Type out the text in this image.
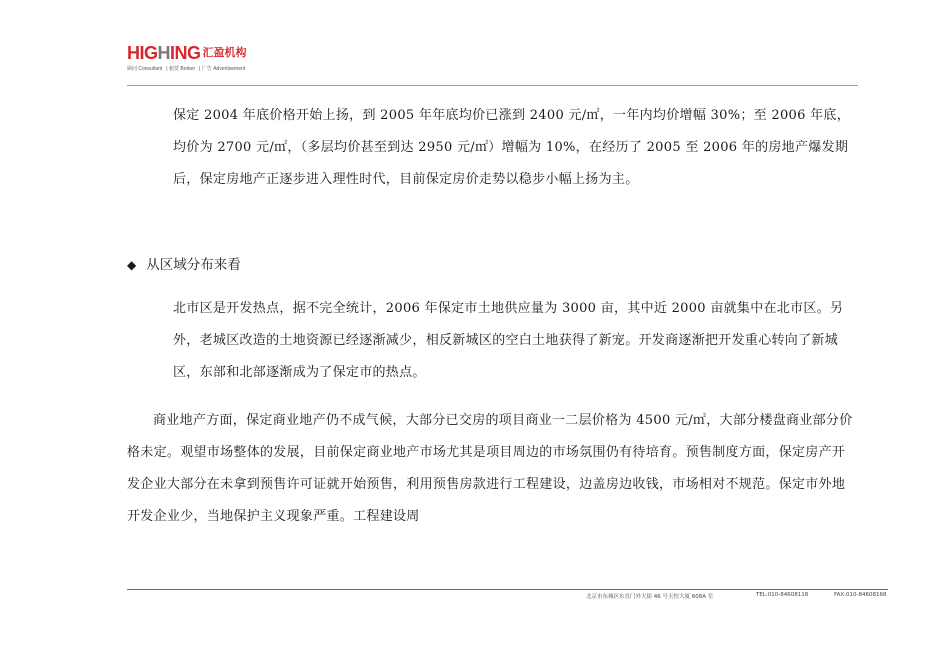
HIGHING 汇盈机构
顾问 Consultant | 租赁 Broker | 广告 Advertisement

保定 2004 年底价格开始上扬，到 2005 年年底均价已涨到 2400 元/㎡，一年内均价增幅 30%；至 2006 年底，均价为 2700 元/㎡，（多层均价甚至到达 2950 元/㎡）增幅为 10%，在经历了 2005 至 2006 年的房地产爆发期后，保定房地产正逐步进入理性时代，目前保定房价走势以稳步小幅上扬为主。

◆ 从区域分布来看

北市区是开发热点，据不完全统计，2006 年保定市土地供应量为 3000 亩，其中近 2000 亩就集中在北市区。另外，老城区改造的土地资源已经逐渐减少，相反新城区的空白土地获得了新宠。开发商逐渐把开发重心转向了新城区，东部和北部逐渐成为了保定市的热点。

商业地产方面，保定商业地产仍不成气候，大部分已交房的项目商业一二层价格为 4500 元/㎡，大部分楼盘商业部分价格未定。观望市场整体的发展，目前保定商业地产市场尤其是项目周边的市场氛围仍有待培育。预售制度方面，保定房产开发企业大部分在未拿到预售许可证就开始预售，利用预售房款进行工程建设，边盖房边收钱，市场相对不规范。保定市外地开发企业少，当地保护主义现象严重。工程建设周

北京市东城区东直门外大街 46 号天恒大厦 608A 室	TEL:010-84608118	FAX:010-84608168
